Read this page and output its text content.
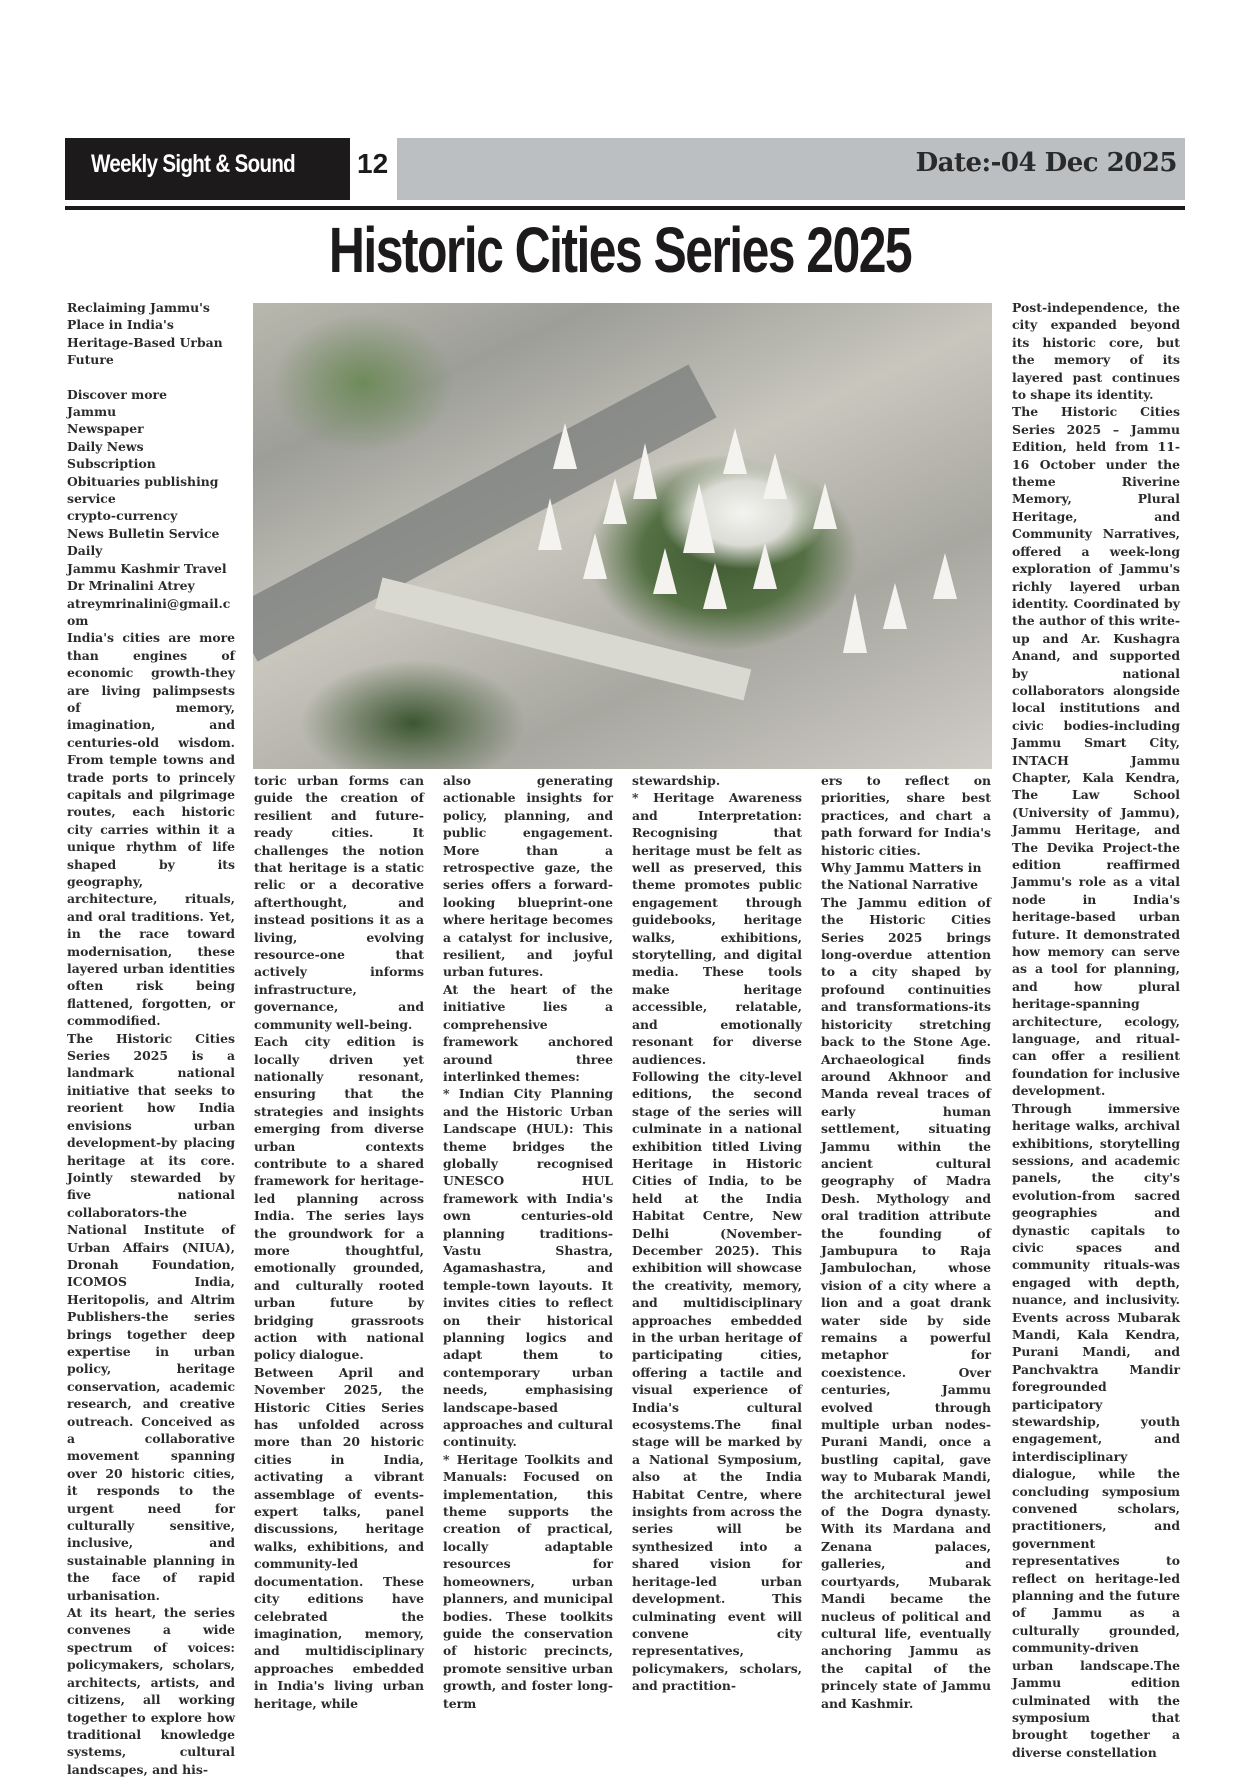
Weekly Sight & Sound 12	Date:-04 Dec 2025
Historic Cities Series 2025
Reclaiming Jammu's Place in India's Heritage-Based Urban Future
Discover more
Jammu
Newspaper
Daily News Subscription
Obituaries publishing service
crypto-currency
News Bulletin Service
Daily
Jammu Kashmir Travel
Dr Mrinalini Atrey
atreymrinalini@gmail.com

India's cities are more than engines of economic growth-they are living palimpsests of memory, imagination, and centuries-old wisdom. From temple towns and trade ports to princely capitals and pilgrimage routes, each historic city carries within it a unique rhythm of life shaped by its geography, architecture, rituals, and oral traditions. Yet, in the race toward modernisation, these layered urban identities often risk being flattened, forgotten, or commodified.

The Historic Cities Series 2025 is a landmark national initiative that seeks to reorient how India envisions urban development-by placing heritage at its core. Jointly stewarded by five national collaborators-the National Institute of Urban Affairs (NIUA), Dronah Foundation, ICOMOS India, Heritopolis, and Altrim Publishers-the series brings together deep expertise in urban policy, heritage conservation, academic research, and creative outreach. Conceived as a collaborative movement spanning over 20 historic cities, it responds to the urgent need for culturally sensitive, inclusive, and sustainable planning in the face of rapid urbanisation.

At its heart, the series convenes a wide spectrum of voices: policymakers, scholars, architects, artists, and citizens, all working together to explore how traditional knowledge systems, cultural landscapes, and his-

toric urban forms can guide the creation of resilient and future-ready cities. It challenges the notion that heritage is a static relic or a decorative afterthought, and instead positions it as a living, evolving resource-one that actively informs infrastructure, governance, and community well-being.

Each city edition is locally driven yet nationally resonant, ensuring that the strategies and insights emerging from diverse urban contexts contribute to a shared framework for heritage-led planning across India. The series lays the groundwork for a more thoughtful, emotionally grounded, and culturally rooted urban future by bridging grassroots action with national policy dialogue.

Between April and November 2025, the Historic Cities Series has unfolded across more than 20 historic cities in India, activating a vibrant assemblage of events-expert talks, panel discussions, heritage walks, exhibitions, and community-led documentation. These city editions have celebrated the imagination, memory, and multidisciplinary approaches embedded in India's living urban heritage, while

also generating actionable insights for policy, planning, and public engagement. More than a retrospective gaze, the series offers a forward-looking blueprint-one where heritage becomes a catalyst for inclusive, resilient, and joyful urban futures.

At the heart of the initiative lies a comprehensive framework anchored around three interlinked themes:

* Indian City Planning and the Historic Urban Landscape (HUL): This theme bridges the globally recognised UNESCO HUL framework with India's own centuries-old planning traditions-Vastu Shastra, Agamashastra, and temple-town layouts. It invites cities to reflect on their historical planning logics and adapt them to contemporary urban needs, emphasising landscape-based approaches and cultural continuity.

* Heritage Toolkits and Manuals: Focused on implementation, this theme supports the creation of practical, locally adaptable resources for homeowners, urban planners, and municipal bodies. These toolkits guide the conservation of historic precincts, promote sensitive urban growth, and foster long-term

stewardship.

* Heritage Awareness and Interpretation: Recognising that heritage must be felt as well as preserved, this theme promotes public engagement through guidebooks, heritage walks, exhibitions, storytelling, and digital media. These tools make heritage accessible, relatable, and emotionally resonant for diverse audiences.

Following the city-level editions, the second stage of the series will culminate in a national exhibition titled Living Heritage in Historic Cities of India, to be held at the India Habitat Centre, New Delhi (November-December 2025). This exhibition will showcase the creativity, memory, and multidisciplinary approaches embedded in the urban heritage of participating cities, offering a tactile and visual experience of India's cultural ecosystems.The final stage will be marked by a National Symposium, also at the India Habitat Centre, where insights from across the series will be synthesized into a shared vision for heritage-led urban development. This culminating event will convene city representatives, policymakers, scholars, and practition-

ers to reflect on priorities, share best practices, and chart a path forward for India's historic cities.

Why Jammu Matters in the National Narrative

The Jammu edition of the Historic Cities Series 2025 brings long-overdue attention to a city shaped by profound continuities and transformations-its historicity stretching back to the Stone Age. Archaeological finds around Akhnoor and Manda reveal traces of early human settlement, situating Jammu within the ancient cultural geography of Madra Desh. Mythology and oral tradition attribute the founding of Jambupura to Raja Jambulochan, whose vision of a city where a lion and a goat drank water side by side remains a powerful metaphor for coexistence. Over centuries, Jammu evolved through multiple urban nodes-Purani Mandi, once a bustling capital, gave way to Mubarak Mandi, the architectural jewel of the Dogra dynasty. With its Mardana and Zenana palaces, galleries, and courtyards, Mubarak Mandi became the nucleus of political and cultural life, eventually anchoring Jammu as the capital of the princely state of Jammu and Kashmir.

Post-independence, the city expanded beyond its historic core, but the memory of its layered past continues to shape its identity.

The Historic Cities Series 2025 – Jammu Edition, held from 11-16 October under the theme Riverine Memory, Plural Heritage, and Community Narratives, offered a week-long exploration of Jammu's richly layered urban identity. Coordinated by the author of this write-up and Ar. Kushagra Anand, and supported by national collaborators alongside local institutions and civic bodies-including Jammu Smart City, INTACH Jammu Chapter, Kala Kendra, The Law School (University of Jammu), Jammu Heritage, and The Devika Project-the edition reaffirmed Jammu's role as a vital node in India's heritage-based urban future. It demonstrated how memory can serve as a tool for planning, and how plural heritage-spanning architecture, ecology, language, and ritual-can offer a resilient foundation for inclusive development.

Through immersive heritage walks, archival exhibitions, storytelling sessions, and academic panels, the city's evolution-from sacred geographies and dynastic capitals to civic spaces and community rituals-was engaged with depth, nuance, and inclusivity. Events across Mubarak Mandi, Kala Kendra, Purani Mandi, and Panchvaktra Mandir foregrounded participatory stewardship, youth engagement, and interdisciplinary dialogue, while the concluding symposium convened scholars, practitioners, and government representatives to reflect on heritage-led planning and the future of Jammu as a culturally grounded, community-driven urban landscape.The Jammu edition culminated with the symposium that brought together a diverse constellation
